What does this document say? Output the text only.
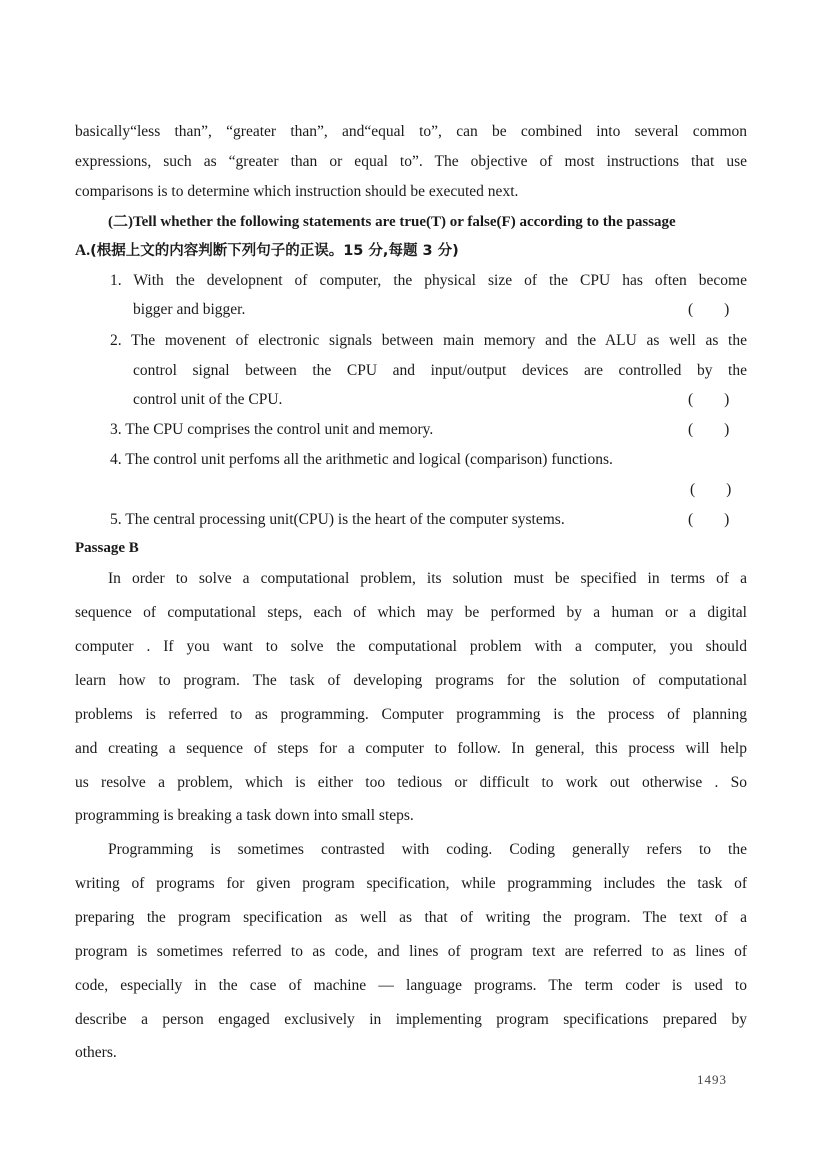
basically“less than”, “greater than”, and“equal to”, can be combined into several common
expressions, such as “greater than or equal to”. The objective of most instructions that use
comparisons is to determine which instruction should be executed next.
(二)Tell whether the following statements are true(T) or false(F) according to the passage
A.(根据上文的内容判断下列句子的正误。15 分,每题 3 分)
1. With the developnent of computer, the physical size of the CPU has often become
bigger and bigger.	(        )
2. The movenent of electronic signals between main memory and the ALU as well as the
control signal between the CPU and input/output devices are controlled by the
control unit of the CPU.	(        )
3. The CPU comprises the control unit and memory.	(        )
4. The control unit perfoms all the arithmetic and logical (comparison) functions.
(        )
5. The central processing unit(CPU) is the heart of the computer systems.	(        )
Passage B
In order to solve a computational problem, its solution must be specified in terms of a
sequence of computational steps, each of which may be performed by a human or a digital
computer . If you want to solve the computational problem with a computer, you should
learn how to program. The task of developing programs for the solution of computational
problems is referred to as programming. Computer programming is the process of planning
and creating a sequence of steps for a computer to follow. In general, this process will help
us resolve a problem, which is either too tedious or difficult to work out otherwise . So
programming is breaking a task down into small steps.
Programming is sometimes contrasted with coding. Coding generally refers to the
writing of programs for given program specification, while programming includes the task of
preparing the program specification as well as that of writing the program. The text of a
program is sometimes referred to as code, and lines of program text are referred to as lines of
code, especially in the case of machine — language programs. The term coder is used to
describe a person engaged exclusively in implementing program specifications prepared by
others.
1493
